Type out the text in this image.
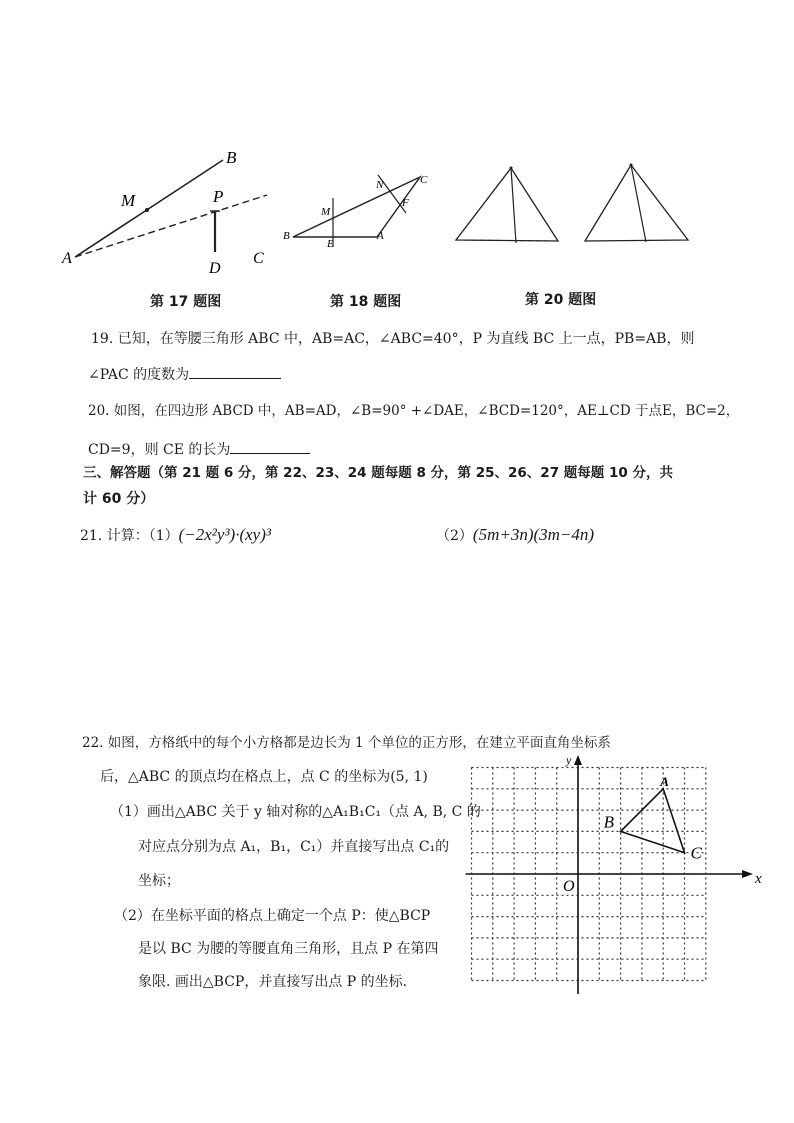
B
M	P
A
D
C
第 17 题图
N	C
F
M
B
E
A
第 18 题图	第 20 题图
19. 已知，在等腰三角形 ABC 中，AB=AC，∠ABC=40°，P 为直线 BC 上一点，PB=AB，则
∠PAC 的度数为
20. 如图，在四边形 ABCD 中，AB=AD，∠B=90° +∠DAE，∠BCD=120°，AE⊥CD 于点E，BC=2，
CD=9，则 CE 的长为
三、解答题（第 21 题 6 分，第 22、23、24 题每题 8 分，第 25、26、27 题每题 10 分，共
计 60 分）
21. 计算：（1）(−2x²y³)·(xy)³	（2）(5m+3n)(3m−4n)
22. 如图，方格纸中的每个小方格都是边长为 1 个单位的正方形，在建立平面直角坐标系
后，△ABC 的顶点均在格点上，点 C 的坐标为(5, 1)
（1）画出△ABC 关于 y 轴对称的△A₁B₁C₁（点 A, B, C 的
对应点分别为点 A₁，B₁，C₁）并直接写出点 C₁的
坐标；
（2）在坐标平面的格点上确定一个点 P：使△BCP
是以 BC 为腰的等腰直角三角形，且点 P 在第四
象限. 画出△BCP，并直接写出点 P 的坐标.
y
x
O
A
B
C
